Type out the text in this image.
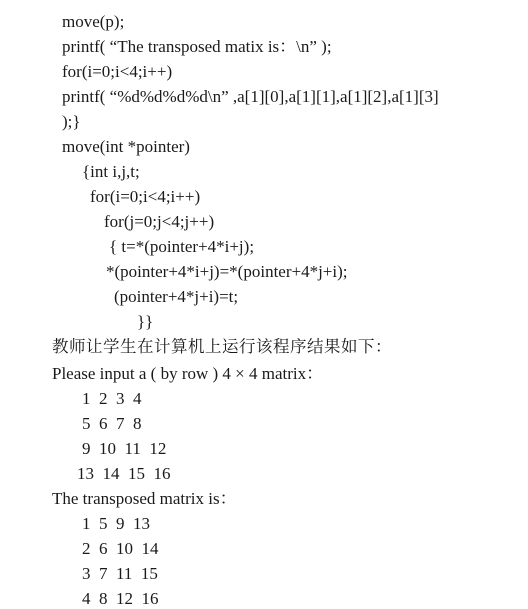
move(p);
printf( “The transposed matix is：\n” );
for(i=0;i<4;i++)
printf( “%d%d%d%d\n” ,a[1][0],a[1][1],a[1][2],a[1][3]
);}
move(int *pointer)
{int i,j,t;
for(i=0;i<4;i++)
for(j=0;j<4;j++)
{ t=*(pointer+4*i+j);
*(pointer+4*i+j)=*(pointer+4*j+i);
(pointer+4*j+i)=t;
}}
教师让学生在计算机上运行该程序结果如下：
Please input a ( by row ) 4 × 4 matrix：
1  2  3  4
5  6  7  8
9  10  11  12
13  14  15  16
The transposed matrix is：
1  5  9  13
2  6  10  14
3  7  11  15
4  8  12  16
